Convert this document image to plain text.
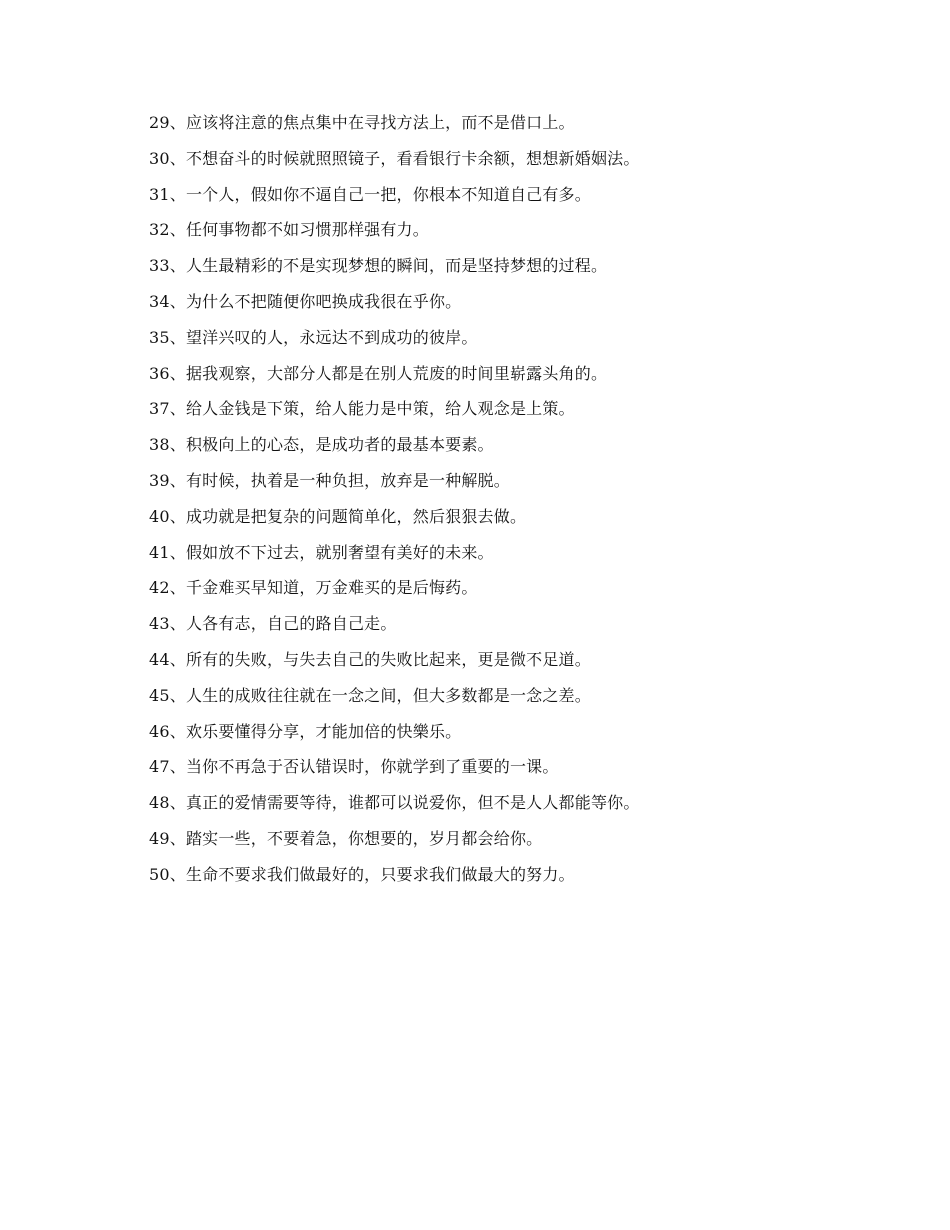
29、应该将注意的焦点集中在寻找方法上，而不是借口上。
30、不想奋斗的时候就照照镜子，看看银行卡余额，想想新婚姻法。
31、一个人，假如你不逼自己一把，你根本不知道自己有多。
32、任何事物都不如习惯那样强有力。
33、人生最精彩的不是实现梦想的瞬间，而是坚持梦想的过程。
34、为什么不把随便你吧换成我很在乎你。
35、望洋兴叹的人，永远达不到成功的彼岸。
36、据我观察，大部分人都是在别人荒废的时间里崭露头角的。
37、给人金钱是下策，给人能力是中策，给人观念是上策。
38、积极向上的心态，是成功者的最基本要素。
39、有时候，执着是一种负担，放弃是一种解脱。
40、成功就是把复杂的问题简单化，然后狠狠去做。
41、假如放不下过去，就别奢望有美好的未来。
42、千金难买早知道，万金难买的是后悔药。
43、人各有志，自己的路自己走。
44、所有的失败，与失去自己的失败比起来，更是微不足道。
45、人生的成败往往就在一念之间，但大多数都是一念之差。
46、欢乐要懂得分享，才能加倍的快樂乐。
47、当你不再急于否认错误时，你就学到了重要的一课。
48、真正的爱情需要等待，谁都可以说爱你，但不是人人都能等你。
49、踏实一些，不要着急，你想要的，岁月都会给你。
50、生命不要求我们做最好的，只要求我们做最大的努力。
